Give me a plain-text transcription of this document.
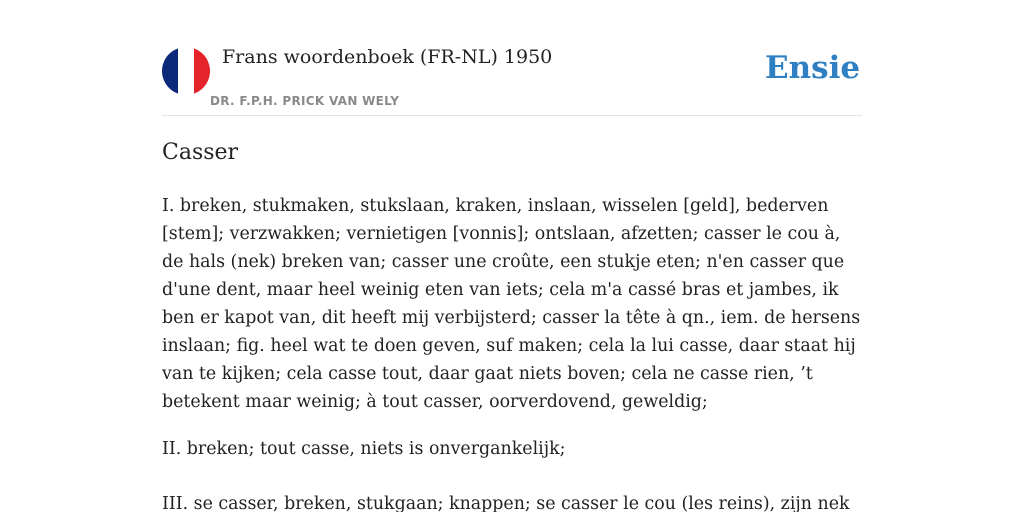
Frans woordenboek (FR-NL) 1950
DR. F.P.H. PRICK VAN WELY
Ensie
Casser

I. breken, stukmaken, stukslaan, kraken, inslaan, wisselen [geld], bederven [stem]; verzwakken; vernietigen [vonnis]; ontslaan, afzetten; casser le cou à, de hals (nek) breken van; casser une croûte, een stukje eten; n'en casser que d'une dent, maar heel weinig eten van iets; cela m'a cassé bras et jambes, ik ben er kapot van, dit heeft mij verbijsterd; casser la tête à qn., iem. de hersens inslaan; fig. heel wat te doen geven, suf maken; cela la lui casse, daar staat hij van te kijken; cela casse tout, daar gaat niets boven; cela ne casse rien, ’t betekent maar weinig; à tout casser, oorverdovend, geweldig;

II. breken; tout casse, niets is onvergankelijk;

III. se casser, breken, stukgaan; knappen; se casser le cou (les reins), zijn nek
